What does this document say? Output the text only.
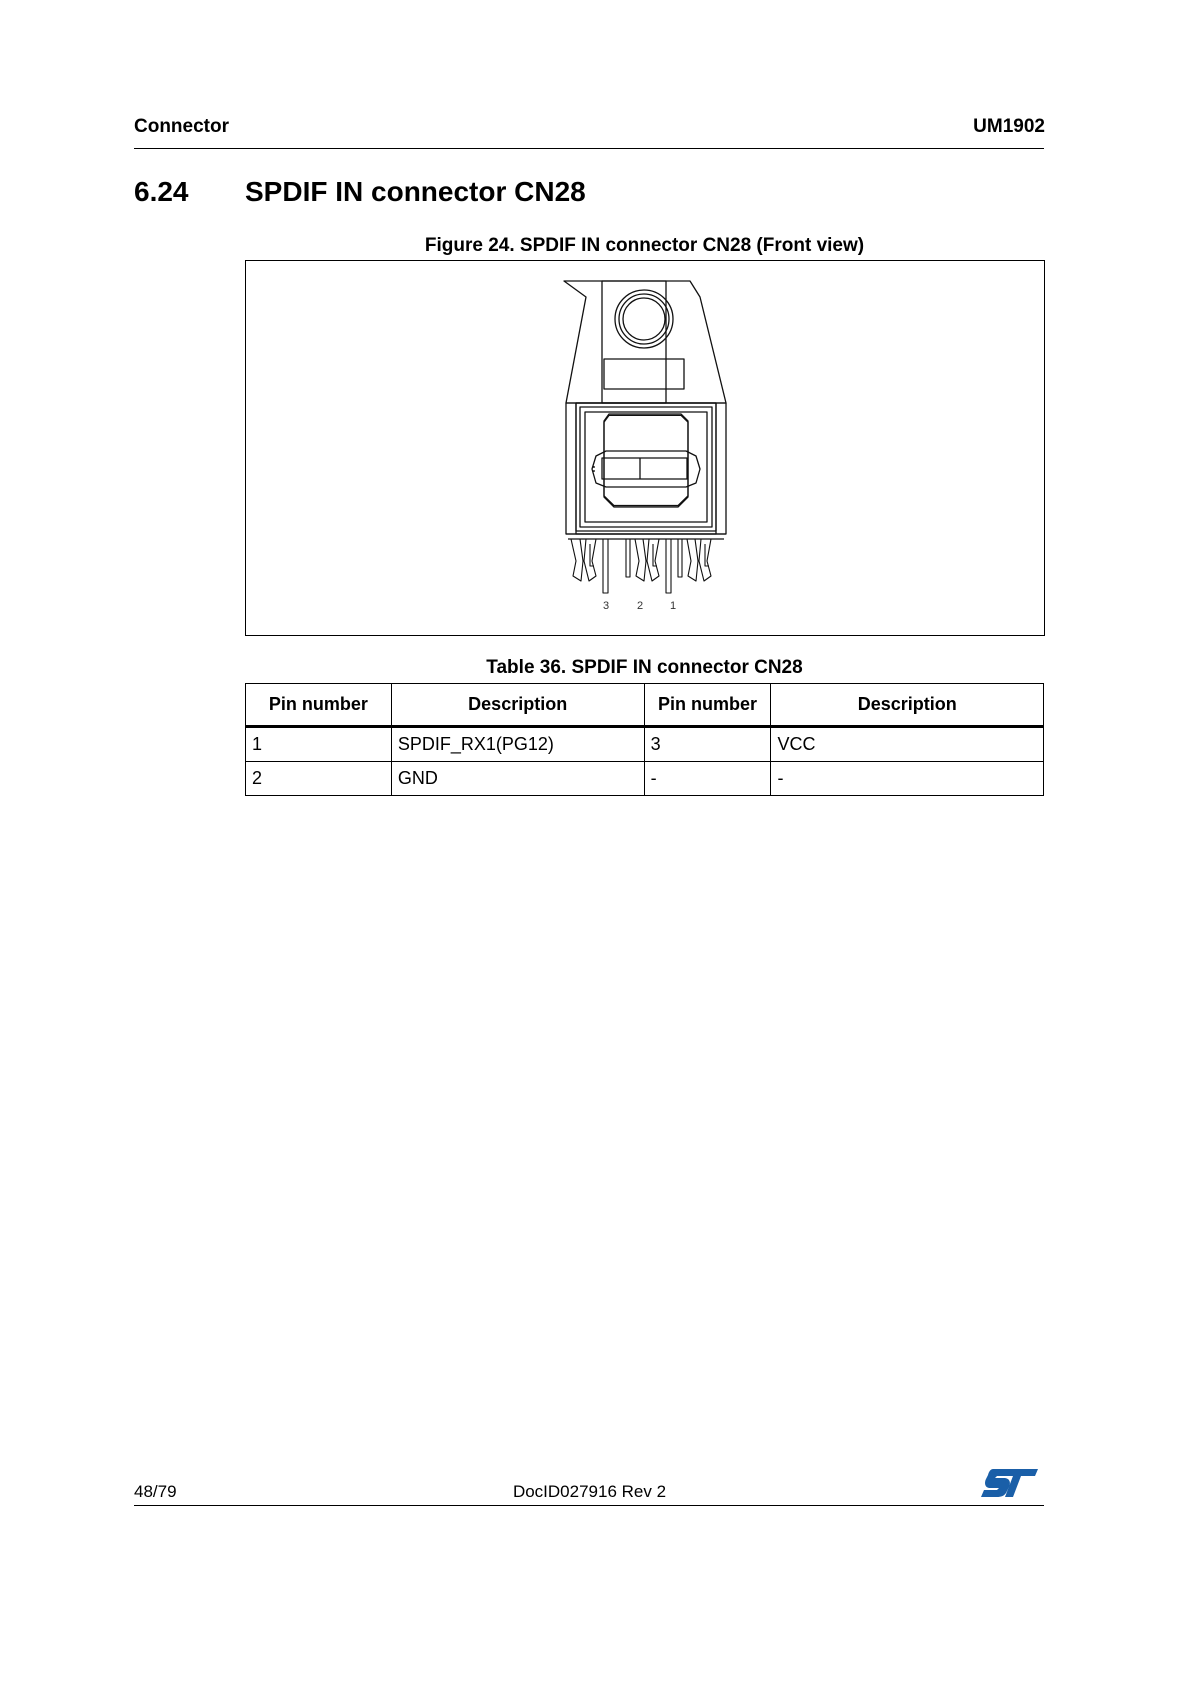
Connector	UM1902
6.24 SPDIF IN connector CN28
Figure 24. SPDIF IN connector CN28 (Front view)
3	2 1
Table 36. SPDIF IN connector CN28
Pin number	Description	Pin number	Description
1	SPDIF_RX1(PG12)	3	VCC
2	GND	-	-
48/79	DocID027916 Rev 2
